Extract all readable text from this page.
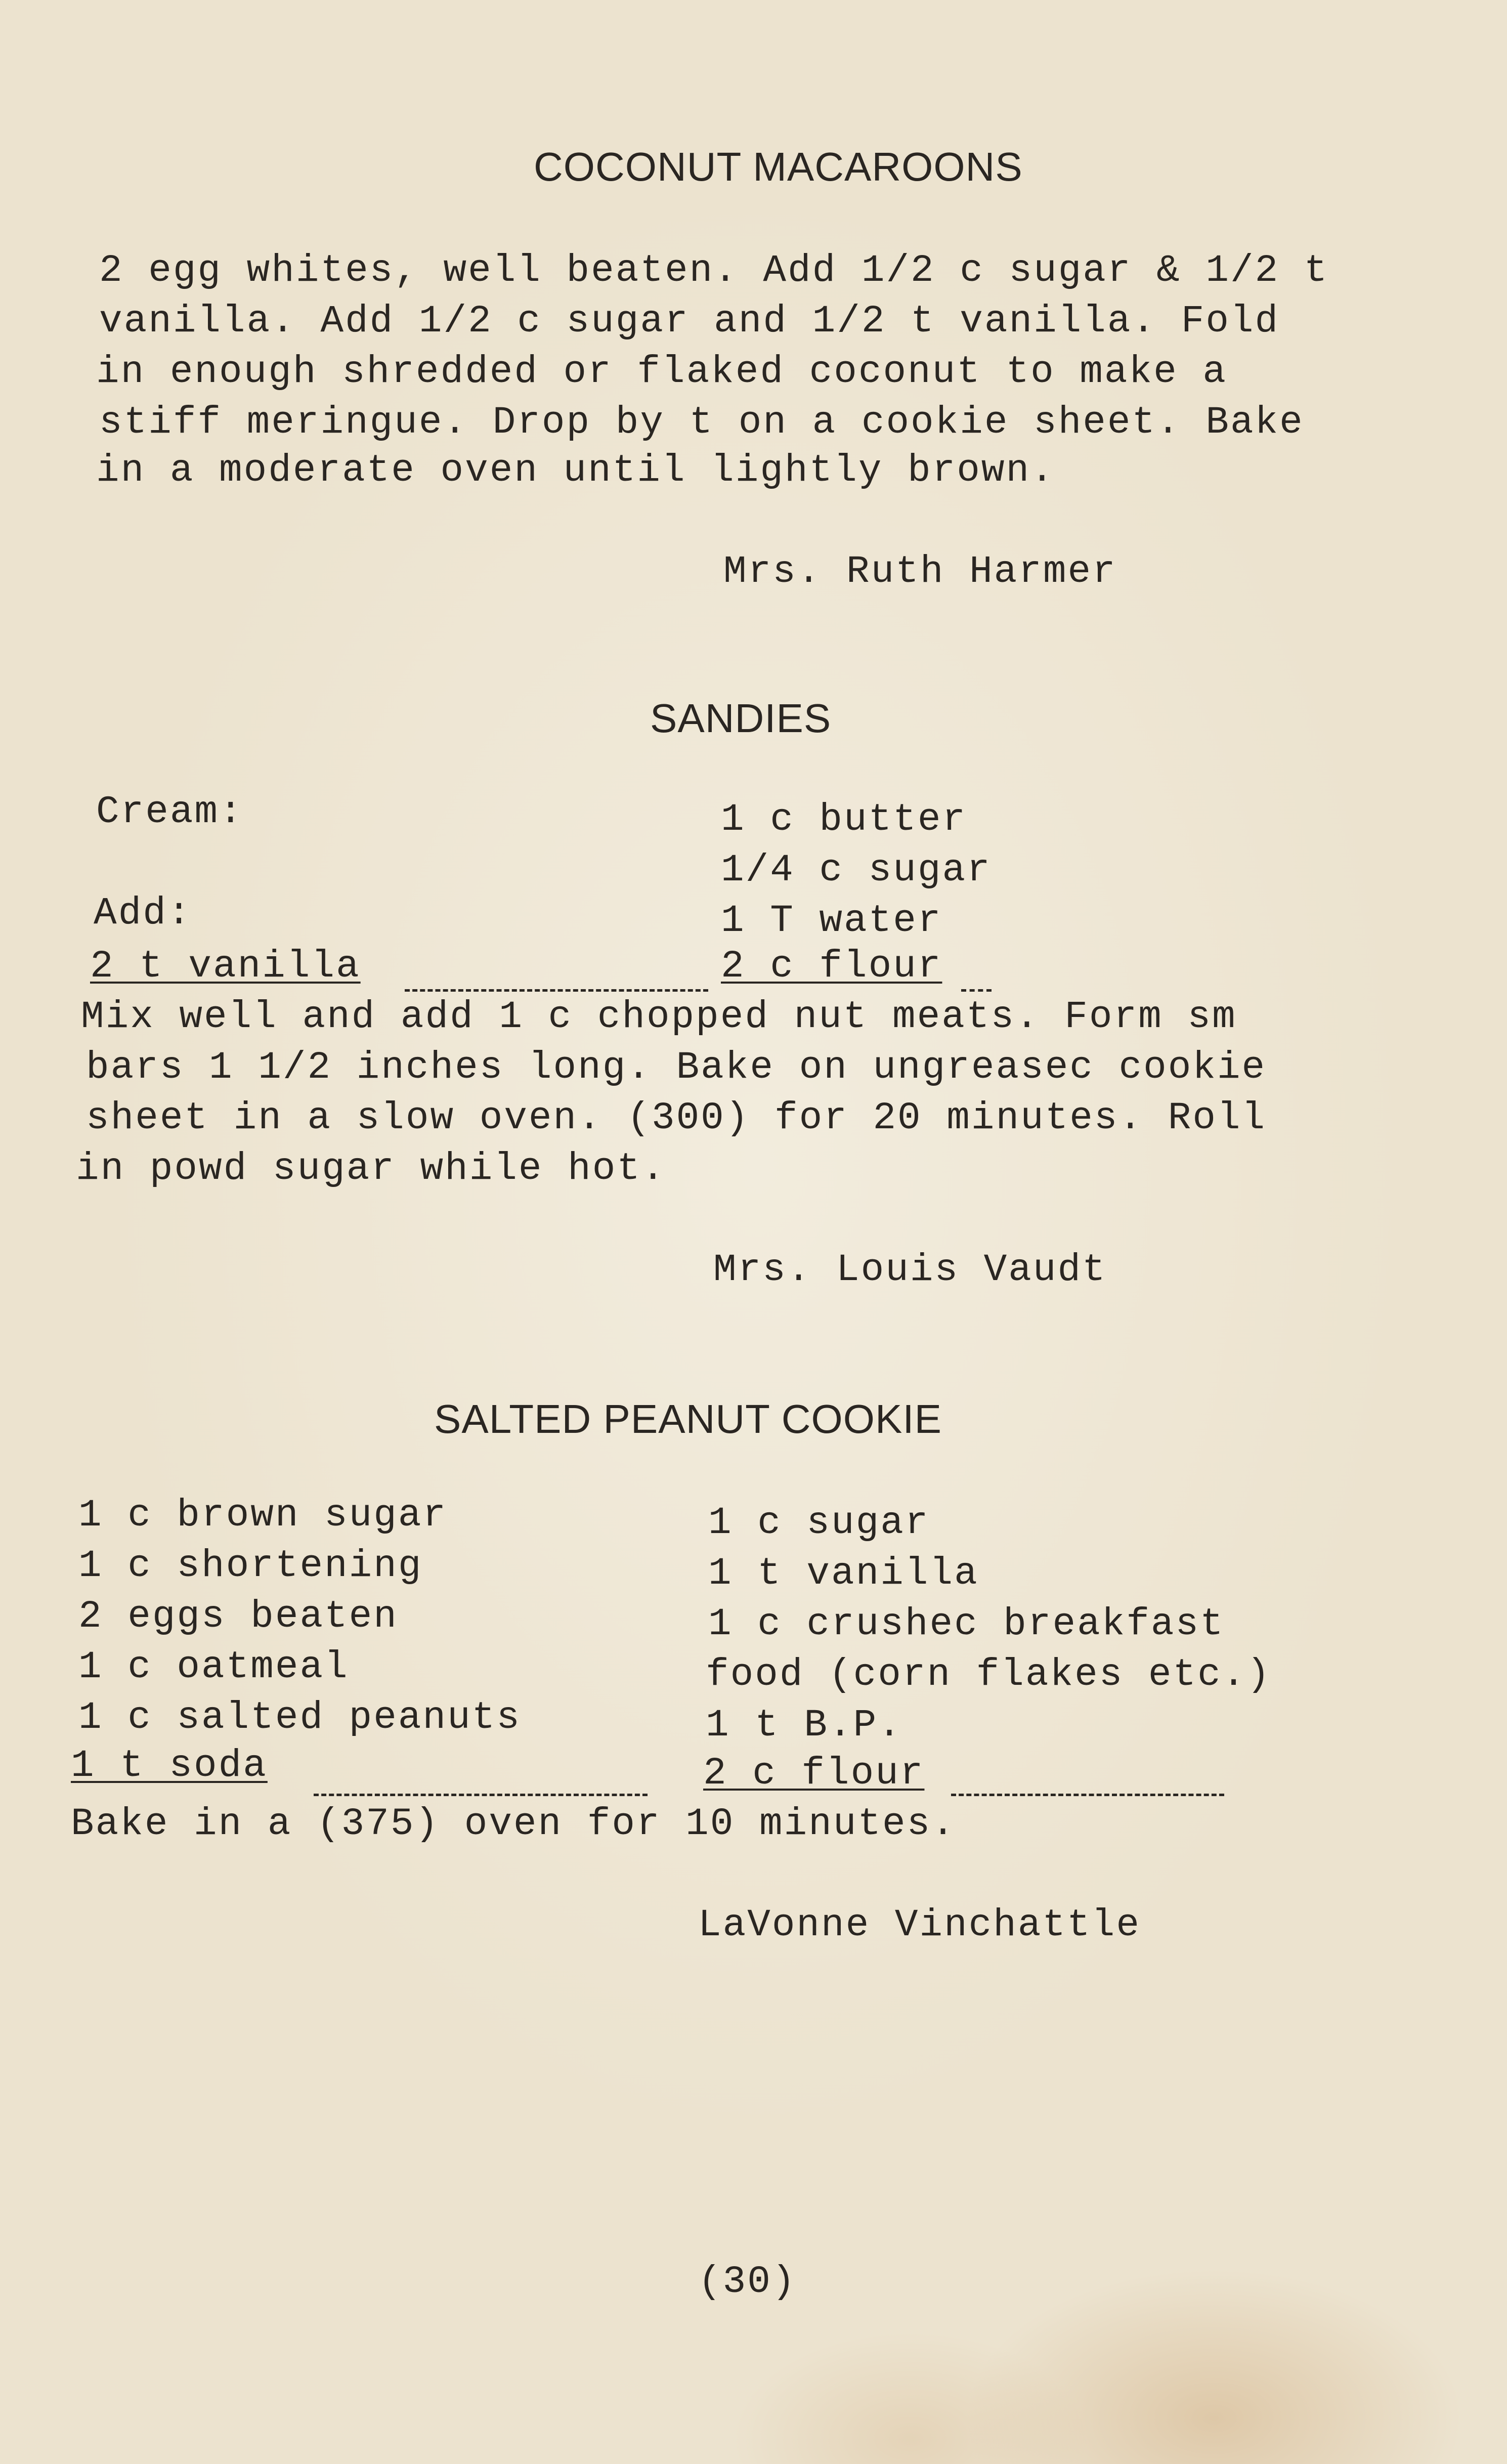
COCONUT MACAROONS
2 egg whites, well beaten. Add 1/2 c sugar & 1/2 t
vanilla. Add 1/2 c sugar and 1/2 t vanilla. Fold
in enough shredded or flaked coconut to make a
stiff meringue. Drop by t on a cookie sheet. Bake
in a moderate oven until lightly brown.
Mrs. Ruth Harmer
SANDIES
Cream:
Add:
2 t vanilla
1 c butter
1/4 c sugar
1 T water
2 c flour
Mix well and add 1 c chopped nut meats. Form sm
bars 1 1/2 inches long. Bake on ungreasec cookie
sheet in a slow oven. (300) for 20 minutes. Roll
in powd sugar while hot.
Mrs. Louis Vaudt
SALTED PEANUT COOKIE
1 c brown sugar
1 c shortening
2 eggs beaten
1 c oatmeal
1 c salted peanuts
1 t soda
1 c sugar
1 t vanilla
1 c crushec breakfast
food (corn flakes etc.)
1 t B.P.
2 c flour
Bake in a (375) oven for 10 minutes.
LaVonne Vinchattle
(30)
